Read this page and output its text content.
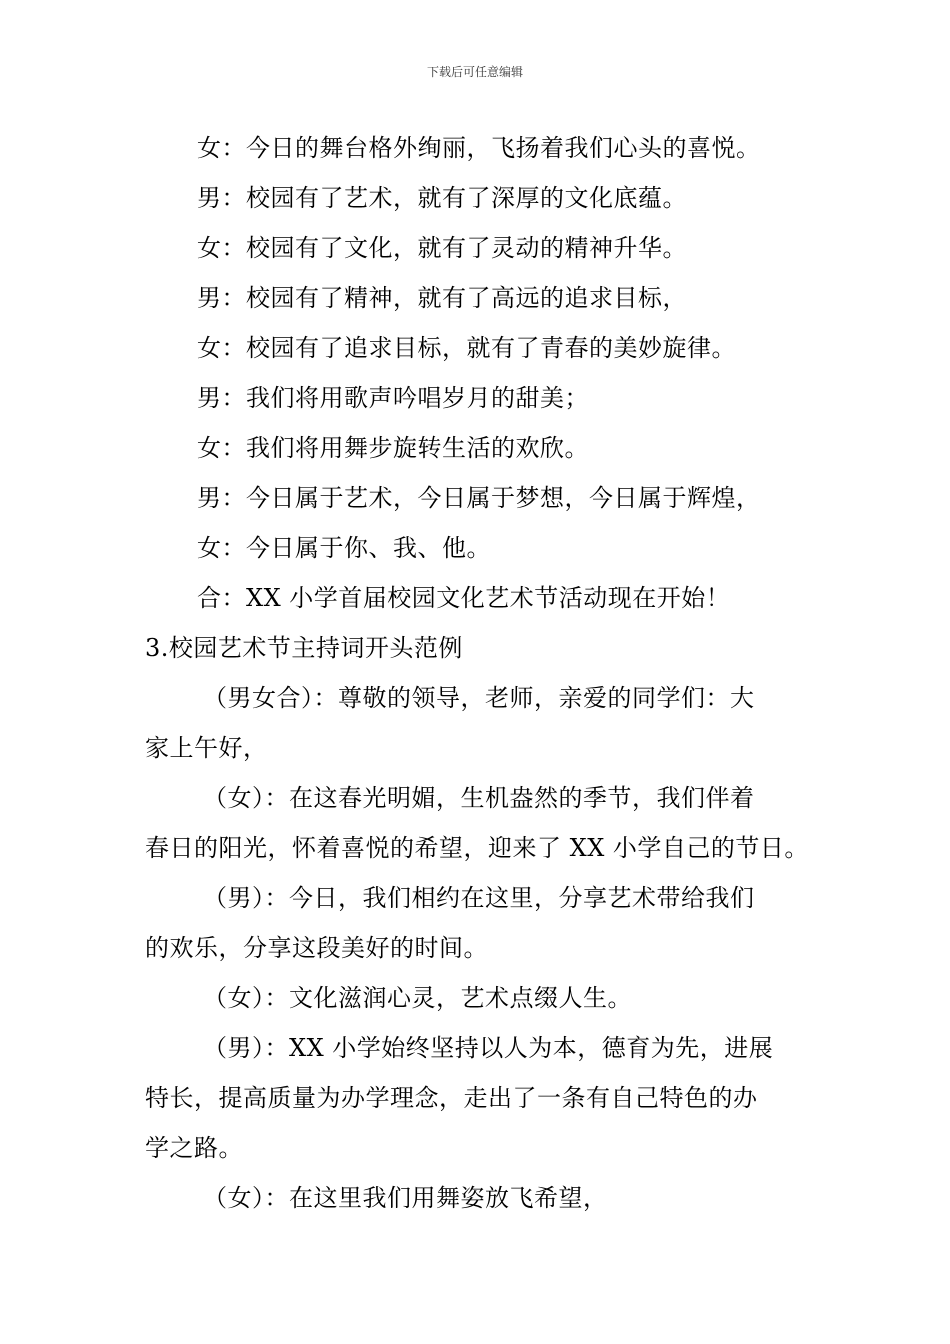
下载后可任意编辑
女：今日的舞台格外绚丽，飞扬着我们心头的喜悦。
男：校园有了艺术，就有了深厚的文化底蕴。
女：校园有了文化，就有了灵动的精神升华。
男：校园有了精神，就有了高远的追求目标，
女：校园有了追求目标，就有了青春的美妙旋律。
男：我们将用歌声吟唱岁月的甜美；
女：我们将用舞步旋转生活的欢欣。
男：今日属于艺术，今日属于梦想，今日属于辉煌，
女：今日属于你、我、他。
合：XX 小学首届校园文化艺术节活动现在开始！
3.校园艺术节主持词开头范例
（男女合）：尊敬的领导，老师，亲爱的同学们：大
家上午好，
（女）：在这春光明媚，生机盎然的季节，我们伴着
春日的阳光，怀着喜悦的希望，迎来了 XX 小学自己的节日。
（男）：今日，我们相约在这里，分享艺术带给我们
的欢乐，分享这段美好的时间。
（女）：文化滋润心灵，艺术点缀人生。
（男）：XX 小学始终坚持以人为本，德育为先，进展
特长，提高质量为办学理念，走出了一条有自己特色的办
学之路。
（女）：在这里我们用舞姿放飞希望，
